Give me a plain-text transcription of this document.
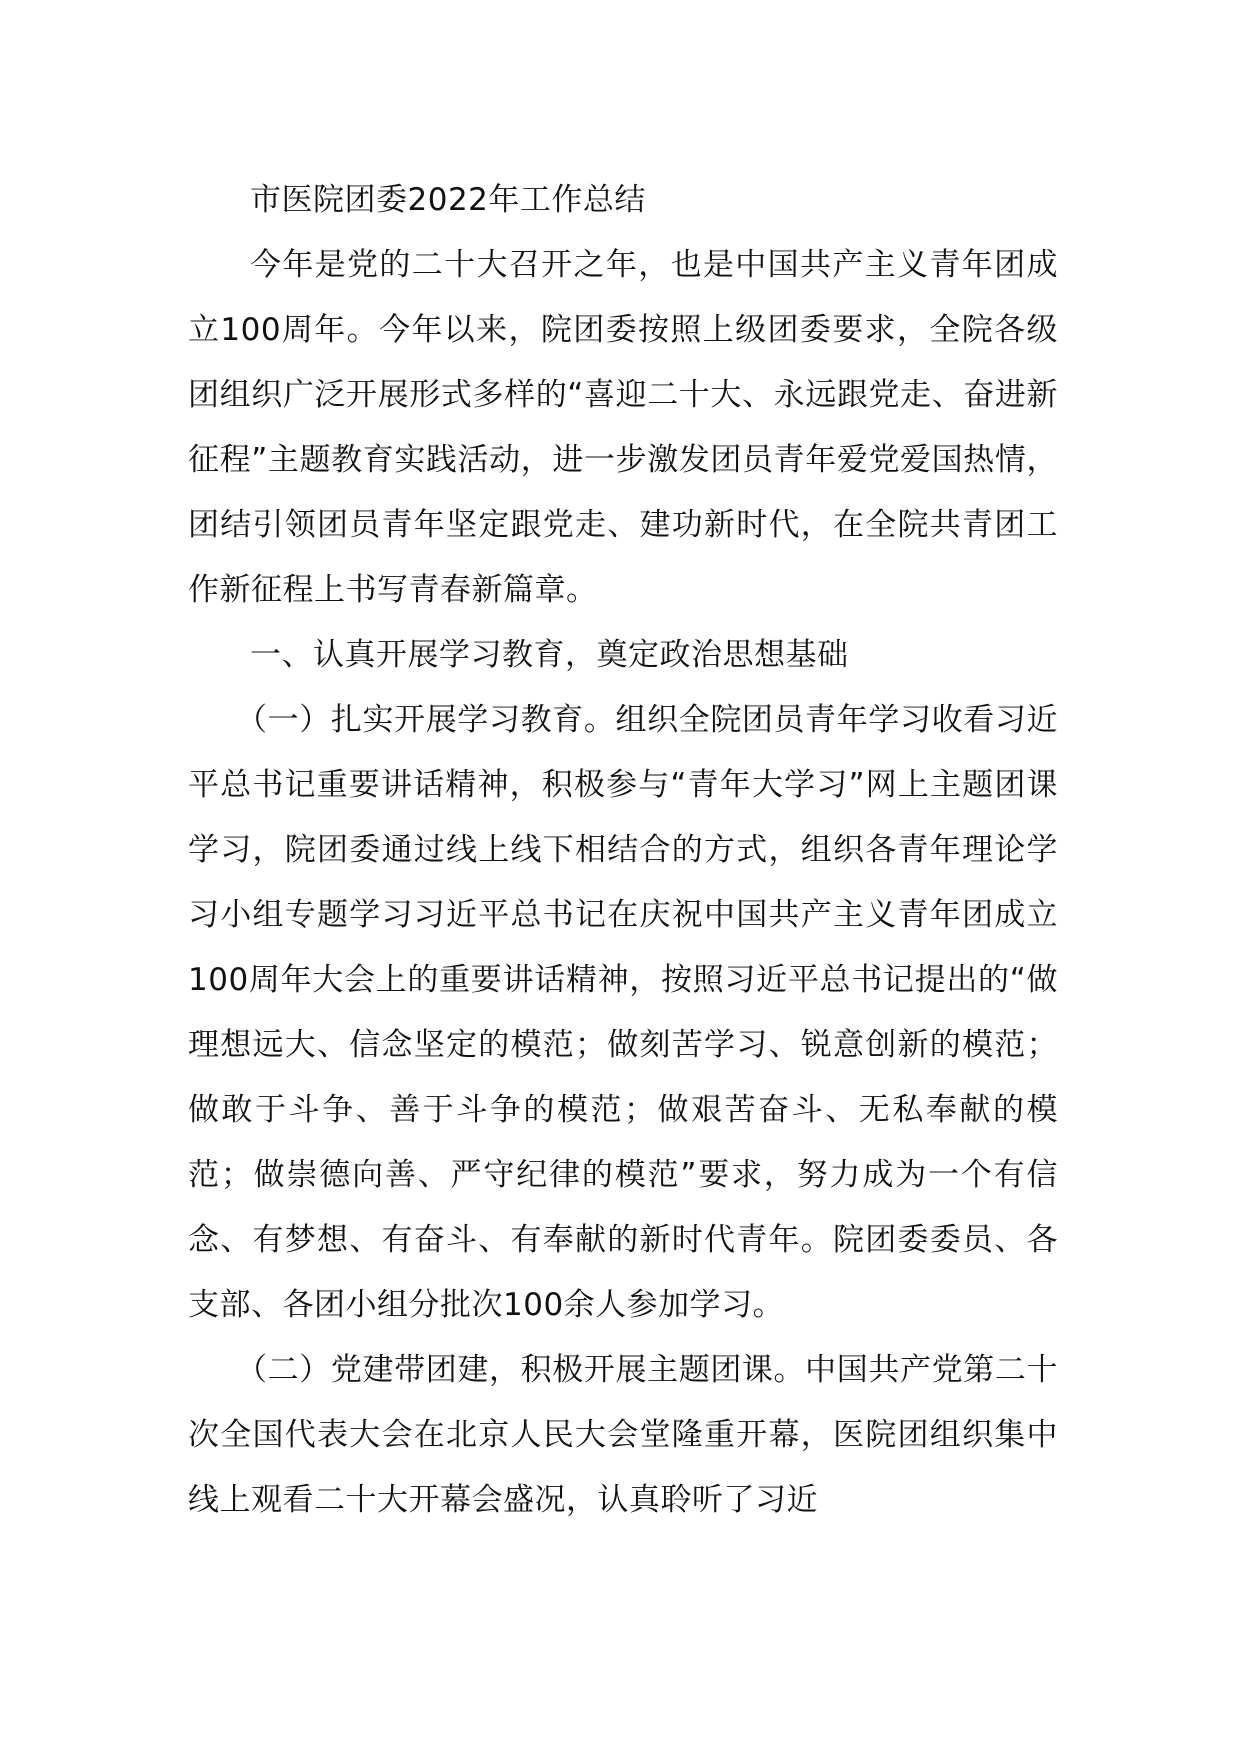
市医院团委2022年工作总结

今年是党的二十大召开之年，也是中国共产主义青年团成立100周年。今年以来，院团委按照上级团委要求，全院各级团组织广泛开展形式多样的“喜迎二十大、永远跟党走、奋进新征程”主题教育实践活动，进一步激发团员青年爱党爱国热情，团结引领团员青年坚定跟党走、建功新时代，在全院共青团工作新征程上书写青春新篇章。

一、认真开展学习教育，奠定政治思想基础

（一）扎实开展学习教育。组织全院团员青年学习收看习近平总书记重要讲话精神，积极参与“青年大学习”网上主题团课学习，院团委通过线上线下相结合的方式，组织各青年理论学习小组专题学习习近平总书记在庆祝中国共产主义青年团成立100周年大会上的重要讲话精神，按照习近平总书记提出的“做理想远大、信念坚定的模范；做刻苦学习、锐意创新的模范；做敢于斗争、善于斗争的模范；做艰苦奋斗、无私奉献的模范；做崇德向善、严守纪律的模范”要求，努力成为一个有信念、有梦想、有奋斗、有奉献的新时代青年。院团委委员、各支部、各团小组分批次100余人参加学习。

（二）党建带团建，积极开展主题团课。中国共产党第二十次全国代表大会在北京人民大会堂隆重开幕，医院团组织集中线上观看二十大开幕会盛况，认真聆听了习近
